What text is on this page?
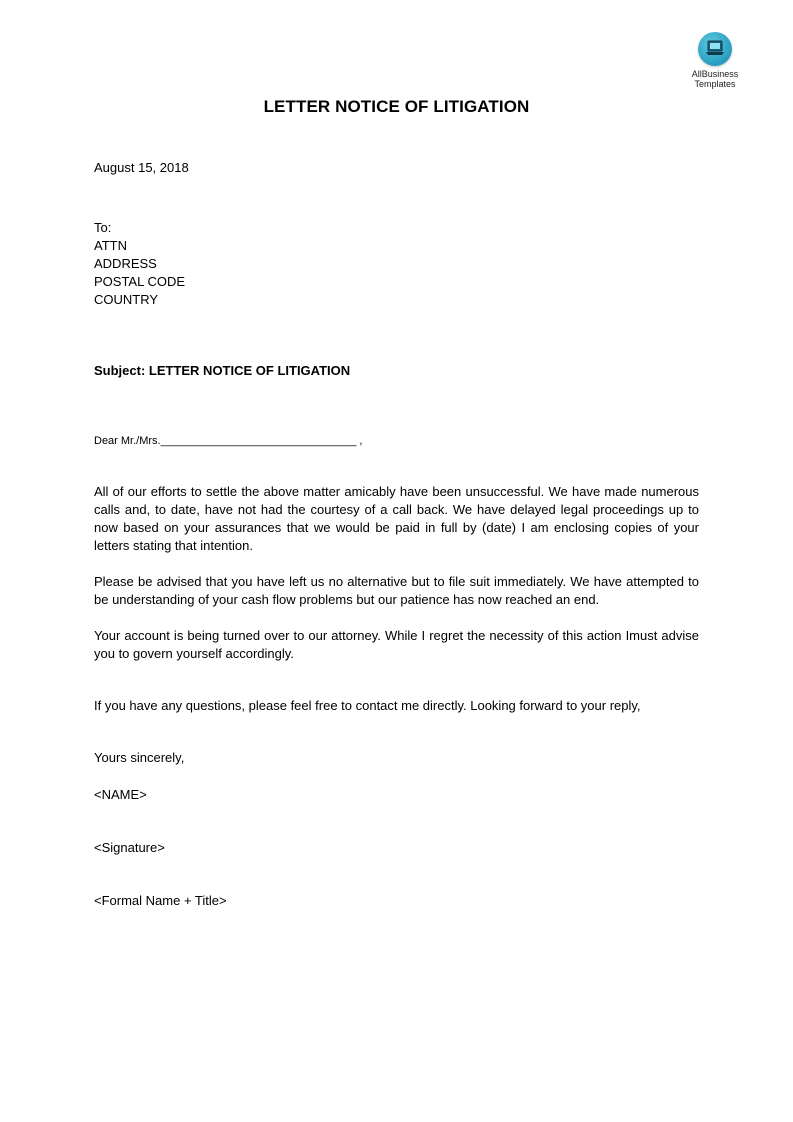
AllBusiness
Templates
LETTER NOTICE OF LITIGATION
August 15, 2018
To:
ATTN
ADDRESS
POSTAL CODE
COUNTRY
Subject: LETTER NOTICE OF LITIGATION
Dear Mr./Mrs.________________________________ ,

All of our efforts to settle the above matter amicably have been unsuccessful. We have made numerous calls and, to date, have not had the courtesy of a call back. We have delayed legal proceedings up to now based on your assurances that we would be paid in full by (date) I am enclosing copies of your letters stating that intention.

Please be advised that you have left us no alternative but to file suit immediately. We have attempted to be understanding of your cash flow problems but our patience has now reached an end.

Your account is being turned over to our attorney. While I regret the necessity of this action Imust advise you to govern yourself accordingly.

If you have any questions, please feel free to contact me directly. Looking forward to your reply,

Yours sincerely,
<NAME>
<Signature>
<Formal Name + Title>
